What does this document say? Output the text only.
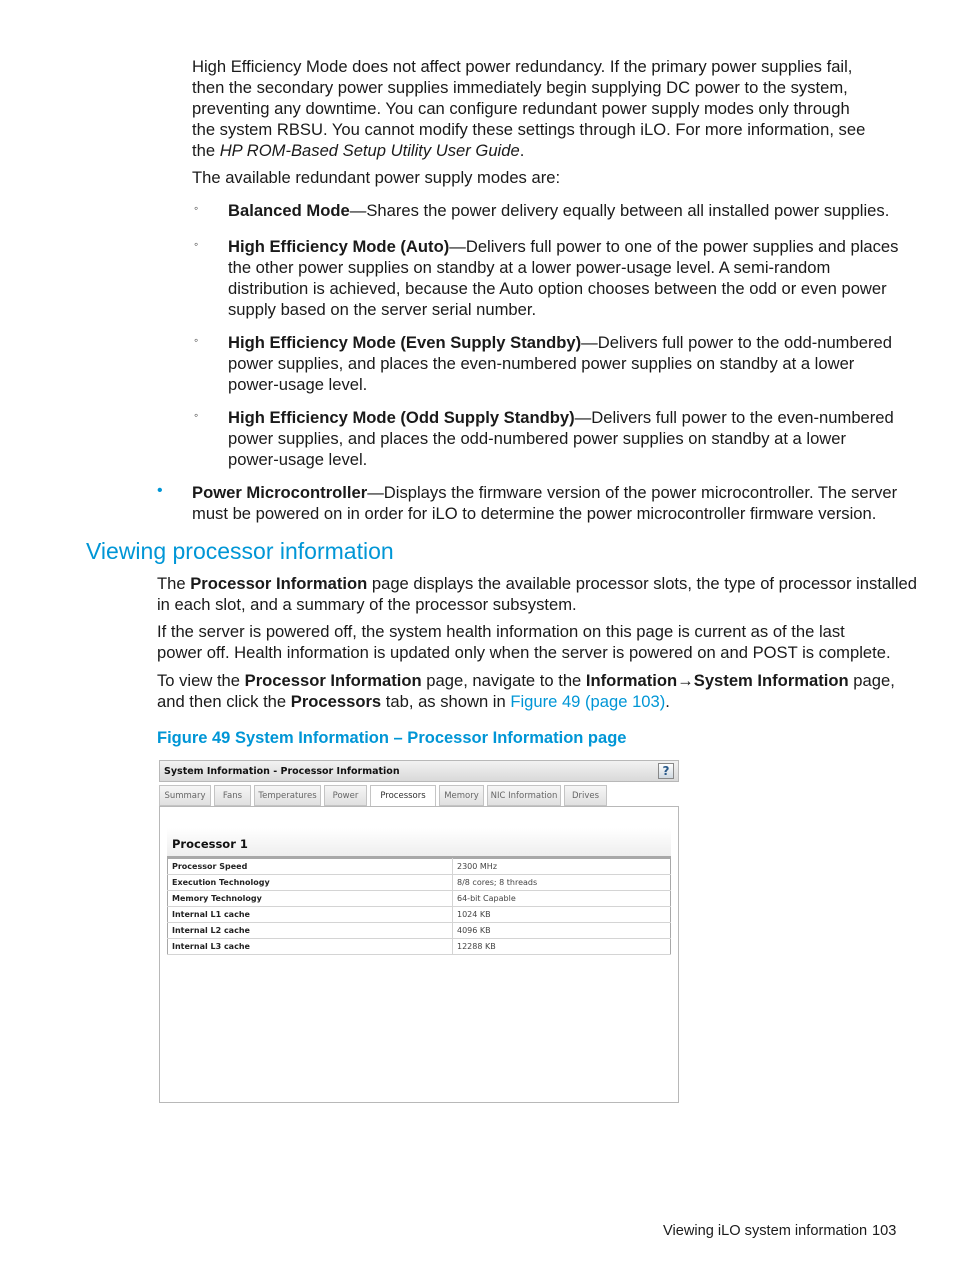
High Efficiency Mode does not affect power redundancy. If the primary power supplies fail,
then the secondary power supplies immediately begin supplying DC power to the system,
preventing any downtime. You can configure redundant power supply modes only through
the system RBSU. You cannot modify these settings through iLO. For more information, see
the HP ROM-Based Setup Utility User Guide.
The available redundant power supply modes are:
◦ Balanced Mode—Shares the power delivery equally between all installed power supplies.
◦ High Efficiency Mode (Auto)—Delivers full power to one of the power supplies and places
the other power supplies on standby at a lower power-usage level. A semi-random
distribution is achieved, because the Auto option chooses between the odd or even power
supply based on the server serial number.
◦ High Efficiency Mode (Even Supply Standby)—Delivers full power to the odd-numbered
power supplies, and places the even-numbered power supplies on standby at a lower
power-usage level.
◦ High Efficiency Mode (Odd Supply Standby)—Delivers full power to the even-numbered
power supplies, and places the odd-numbered power supplies on standby at a lower
power-usage level.
• Power Microcontroller—Displays the firmware version of the power microcontroller. The server
must be powered on in order for iLO to determine the power microcontroller firmware version.
Viewing processor information
The Processor Information page displays the available processor slots, the type of processor installed
in each slot, and a summary of the processor subsystem.
If the server is powered off, the system health information on this page is current as of the last
power off. Health information is updated only when the server is powered on and POST is complete.
To view the Processor Information page, navigate to the Information→System Information page,
and then click the Processors tab, as shown in Figure 49 (page 103).
Figure 49 System Information – Processor Information page
System Information - Processor Information	?
Summary	Fans	Temperatures	Power	Processors	Memory	NIC Information	Drives
Processor 1
Processor Speed	2300 MHz
Execution Technology	8/8 cores; 8 threads
Memory Technology	64-bit Capable
Internal L1 cache	1024 KB
Internal L2 cache	4096 KB
Internal L3 cache	12288 KB
Viewing iLO system information 103
